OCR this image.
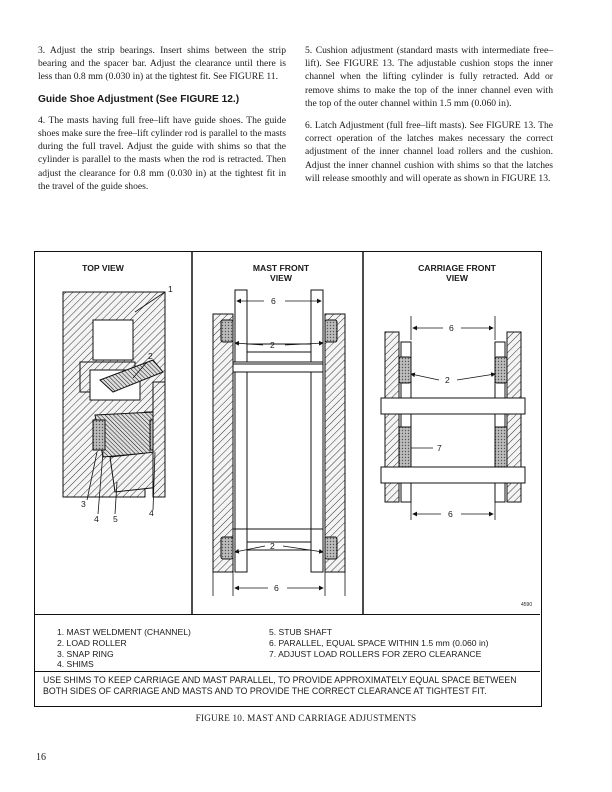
3. Adjust the strip bearings. Insert shims between the strip bearing and the spacer bar. Adjust the clearance until there is less than 0.8 mm (0.030 in) at the tightest fit. See FIGURE 11.

Guide Shoe Adjustment (See FIGURE 12.)

4. The masts having full free–lift have guide shoes. The guide shoes make sure the free–lift cylinder rod is parallel to the masts during the full travel. Adjust the guide with shims so that the cylinder is parallel to the masts when the rod is retracted. Then adjust the clearance for 0.8 mm (0.030 in) at the tightest fit in the travel of the guide shoes.

5. Cushion adjustment (standard masts with intermediate free–lift). See FIGURE 13. The adjustable cushion stops the inner channel when the lifting cylinder is fully retracted. Add or remove shims to make the top of the inner channel even with the top of the outer channel within 1.5 mm (0.060 in).

6. Latch Adjustment (full free–lift masts). See FIGURE 13. The correct operation of the latches makes necessary the correct adjustment of the inner channel load rollers and the cushion. Adjust the inner channel cushion with shims so that the latches will release smoothly and will operate as shown in FIGURE 13.

TOP VIEW	MAST FRONT VIEW
CARRIAGE FRONT VIEW
1
2
3
4 5
4
6
2
2
6
6
2
7
6
4590
1. MAST WELDMENT (CHANNEL)
2. LOAD ROLLER
3. SNAP RING
4. SHIMS
5. STUB SHAFT
6. PARALLEL, EQUAL SPACE WITHIN 1.5 mm (0.060 in)
7. ADJUST LOAD ROLLERS FOR ZERO CLEARANCE
USE SHIMS TO KEEP CARRIAGE AND MAST PARALLEL, TO PROVIDE APPROXIMATELY EQUAL SPACE BETWEEN BOTH SIDES OF CARRIAGE AND MASTS AND TO PROVIDE THE CORRECT CLEARANCE AT TIGHTEST FIT.
FIGURE 10. MAST AND CARRIAGE ADJUSTMENTS
16
